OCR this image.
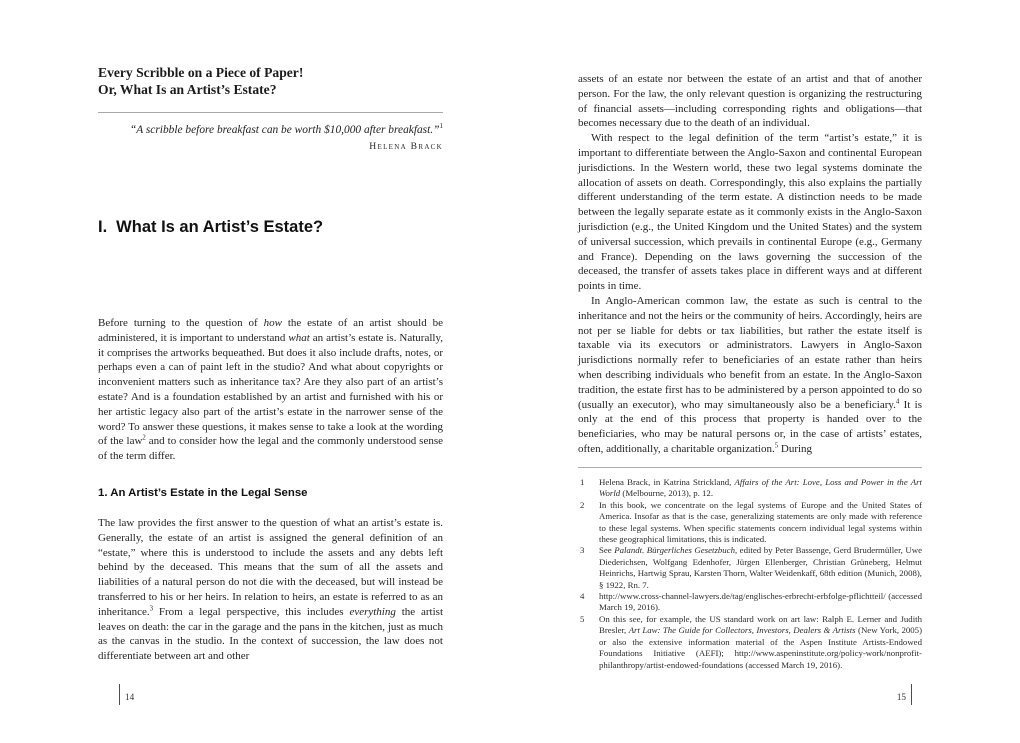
Every Scribble on a Piece of Paper!
Or, What Is an Artist’s Estate?
“A scribble before breakfast can be worth $10,000 after breakfast.”$^1$
Helena Brack
I. What Is an Artist’s Estate?
Before turning to the question of how the estate of an artist should be administered, it is important to understand what an artist’s estate is. Naturally, it comprises the artworks bequeathed. But does it also include drafts, notes, or perhaps even a can of paint left in the studio? And what about copyrights or inconvenient matters such as inheritance tax? Are they also part of an artist’s estate? And is a foundation established by an artist and furnished with his or her artistic legacy also part of the artist’s estate in the narrower sense of the word? To answer these questions, it makes sense to take a look at the wording of the law$^2$ and to consider how the legal and the commonly understood sense of the term differ.
1. An Artist’s Estate in the Legal Sense
The law provides the first answer to the question of what an artist’s estate is. Generally, the estate of an artist is assigned the general definition of an “estate,” where this is understood to include the assets and any debts left behind by the deceased. This means that the sum of all the assets and liabilities of a natural person do not die with the deceased, but will instead be transferred to his or her heirs. In relation to heirs, an estate is referred to as an inheritance.$^3$ From a legal perspective, this includes everything the artist leaves on death: the car in the garage and the pans in the kitchen, just as much as the canvas in the studio. In the context of succession, the law does not differentiate between art and other
14

assets of an estate nor between the estate of an artist and that of another person. For the law, the only relevant question is organizing the restructuring of financial assets—including corresponding rights and obligations—that becomes necessary due to the death of an individual.

With respect to the legal definition of the term “artist’s estate,” it is important to differentiate between the Anglo-Saxon and continental European jurisdictions. In the Western world, these two legal systems dominate the allocation of assets on death. Correspondingly, this also explains the partially different understanding of the term estate. A distinction needs to be made between the legally separate estate as it commonly exists in the Anglo-Saxon jurisdiction (e.g., the United Kingdom und the United States) and the system of universal succession, which prevails in continental Europe (e.g., Germany and France). Depending on the laws governing the succession of the deceased, the transfer of assets takes place in different ways and at different points in time.

In Anglo-American common law, the estate as such is central to the inheritance and not the heirs or the community of heirs. Accordingly, heirs are not per se liable for debts or tax liabilities, but rather the estate itself is taxable via its executors or administrators. Lawyers in Anglo-Saxon jurisdictions normally refer to beneficiaries of an estate rather than heirs when describing individuals who benefit from an estate. In the Anglo-Saxon tradition, the estate first has to be administered by a person appointed to do so (usually an executor), who may simultaneously also be a beneficiary.$^4$ It is only at the end of this process that property is handed over to the beneficiaries, who may be natural persons or, in the case of artists’ estates, often, additionally, a charitable organization.$^5$ During

1	Helena Brack, in Katrina Strickland, Affairs of the Art: Love, Loss and Power in the Art World (Melbourne, 2013), p. 12.
2	In this book, we concentrate on the legal systems of Europe and the United States of America. Insofar as that is the case, generalizing statements are only made with reference to these legal systems. When specific statements concern individual legal systems within these geographical limitations, this is indicated.
3	See Palandt. Bürgerliches Gesetzbuch, edited by Peter Bassenge, Gerd Brudermüller, Uwe Diederichsen, Wolfgang Edenhofer, Jürgen Ellenberger, Christian Grüneberg, Helmut Heinrichs, Hartwig Sprau, Karsten Thorn, Walter Weidenkaff, 68th edition (Munich, 2008), § 1922, Rn. 7.
4	http://www.cross-channel-lawyers.de/tag/englisches-erbrecht-erbfolge-pflichtteil/ (accessed March 19, 2016).
5	On this see, for example, the US standard work on art law: Ralph E. Lerner and Judith Bresler, Art Law: The Guide for Collectors, Investors, Dealers & Artists (New York, 2005) or also the extensive information material of the Aspen Institute Artists-Endowed Foundations Initiative (AEFI); http://www.aspeninstitute.org/policy-work/nonprofit-philanthropy/artist-endowed-foundations (accessed March 19, 2016).
15
